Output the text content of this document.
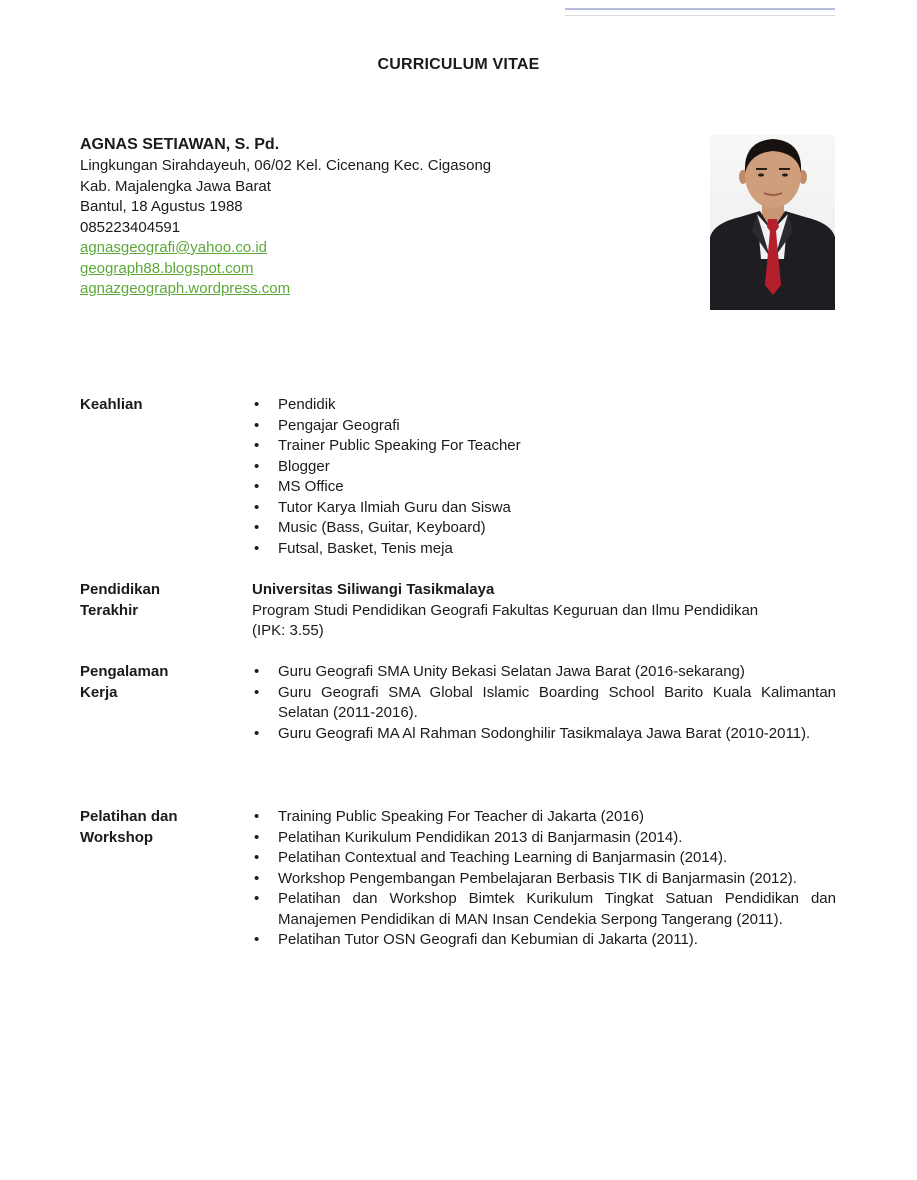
CURRICULUM VITAE
AGNAS SETIAWAN, S. Pd.
Lingkungan Sirahdayeuh, 06/02 Kel. Cicenang Kec. Cigasong
Kab. Majalengka Jawa Barat
Bantul, 18 Agustus 1988
085223404591
agnasgeografi@yahoo.co.id
geograph88.blogspot.com
agnazgeograph.wordpress.com
Keahlian
•	Pendidik
• Pengajar Geografi
• Trainer Public Speaking For Teacher
• Blogger
• MS Office
• Tutor Karya Ilmiah Guru dan Siswa
• Music (Bass, Guitar, Keyboard)
• Futsal, Basket, Tenis meja
Pendidikan
Terakhir
Universitas Siliwangi Tasikmalaya
Program Studi Pendidikan Geografi Fakultas Keguruan dan Ilmu Pendidikan
(IPK: 3.55)
Pengalaman
Kerja
• Guru Geografi SMA Unity Bekasi Selatan Jawa Barat (2016-sekarang)
• Guru Geografi SMA Global Islamic Boarding School Barito Kuala Kalimantan Selatan (2011-2016).
• Guru Geografi MA Al Rahman Sodonghilir Tasikmalaya Jawa Barat (2010-2011).
Pelatihan dan
Workshop
• Training Public Speaking For Teacher di Jakarta (2016)
• Pelatihan Kurikulum Pendidikan 2013 di Banjarmasin (2014).
• Pelatihan Contextual and Teaching Learning di Banjarmasin (2014).
• Workshop Pengembangan Pembelajaran Berbasis TIK di Banjarmasin (2012).
• Pelatihan dan Workshop Bimtek Kurikulum Tingkat Satuan Pendidikan dan Manajemen Pendidikan di MAN Insan Cendekia Serpong Tangerang (2011).
• Pelatihan Tutor OSN Geografi dan Kebumian di Jakarta (2011).
